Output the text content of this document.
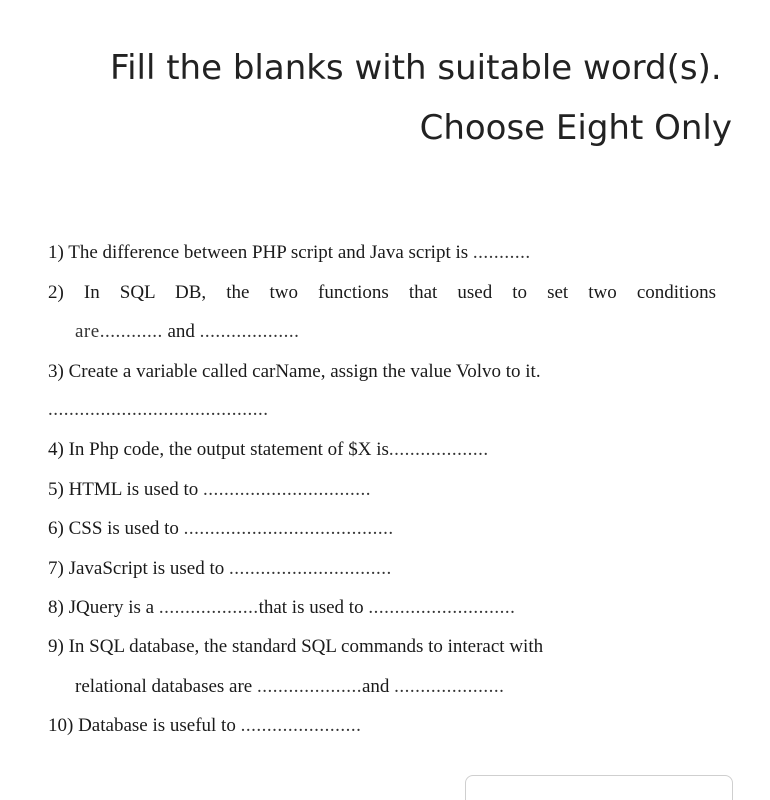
Fill the blanks with suitable word(s).
Choose Eight Only
1) The difference between PHP script and Java script is ...........
2) In SQL DB, the two functions that used to set two conditions
are............ and ...................
3) Create a variable called carName, assign the value Volvo to it.
..........................................
4) In Php code, the output statement of $X is...................
5) HTML is used to ................................
6) CSS is used to ........................................
7) JavaScript is used to ...............................
8) JQuery is a ...................that is used to ............................
9) In SQL database, the standard SQL commands to interact with
relational databases are ....................and .....................
10) Database is useful to .......................
